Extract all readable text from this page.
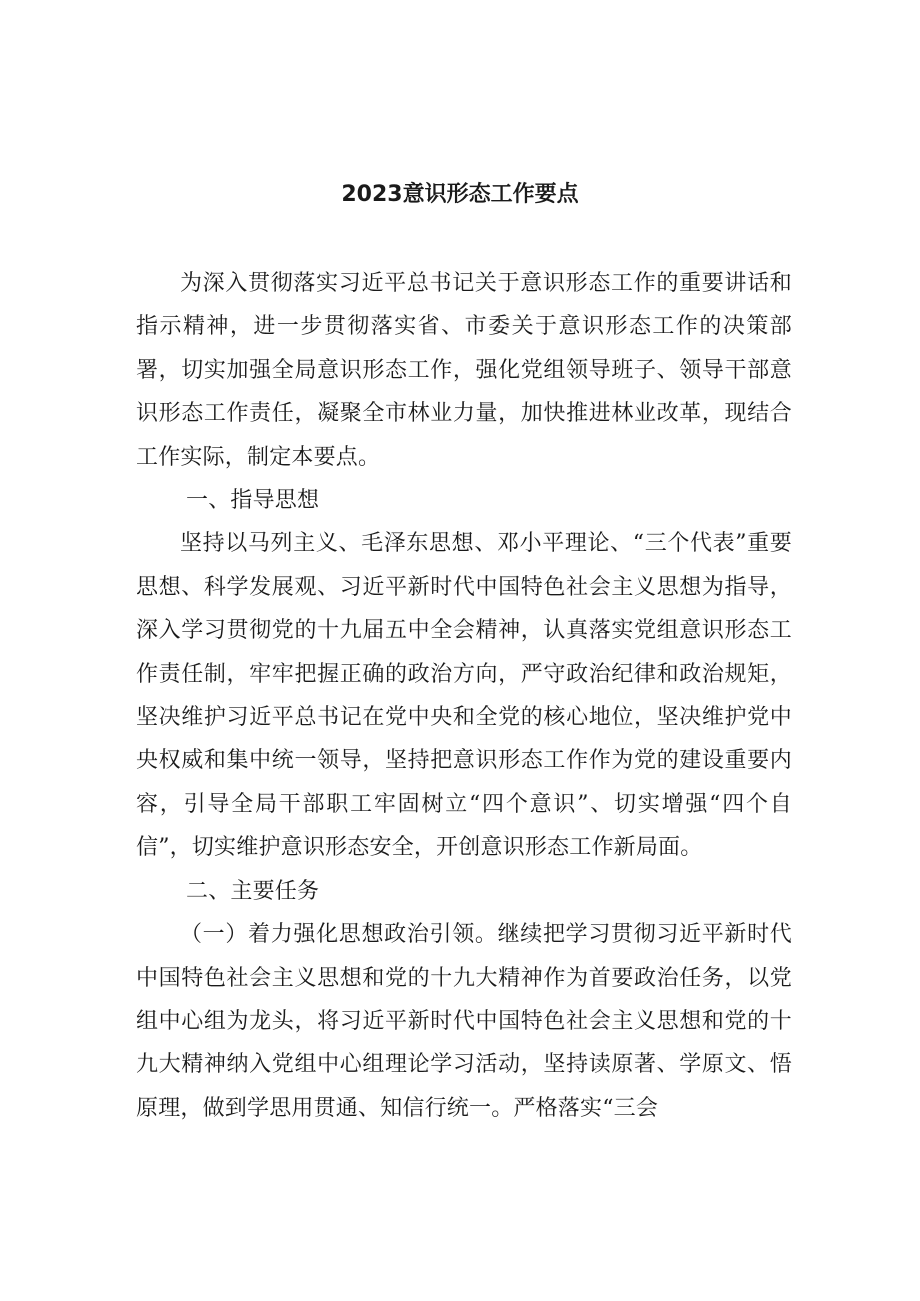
2023意识形态工作要点

为深入贯彻落实习近平总书记关于意识形态工作的重要讲话和指示精神，进一步贯彻落实省、市委关于意识形态工作的决策部署，切实加强全局意识形态工作，强化党组领导班子、领导干部意识形态工作责任，凝聚全市林业力量，加快推进林业改革，现结合工作实际，制定本要点。

一、指导思想

坚持以马列主义、毛泽东思想、邓小平理论、“三个代表”重要思想、科学发展观、习近平新时代中国特色社会主义思想为指导，深入学习贯彻党的十九届五中全会精神，认真落实党组意识形态工作责任制，牢牢把握正确的政治方向，严守政治纪律和政治规矩，坚决维护习近平总书记在党中央和全党的核心地位，坚决维护党中央权威和集中统一领导，坚持把意识形态工作作为党的建设重要内容，引导全局干部职工牢固树立“四个意识”、切实增强“四个自信”，切实维护意识形态安全，开创意识形态工作新局面。

二、主要任务

（一）着力强化思想政治引领。继续把学习贯彻习近平新时代中国特色社会主义思想和党的十九大精神作为首要政治任务，以党组中心组为龙头，将习近平新时代中国特色社会主义思想和党的十九大精神纳入党组中心组理论学习活动，坚持读原著、学原文、悟原理，做到学思用贯通、知信行统一。严格落实“三会
